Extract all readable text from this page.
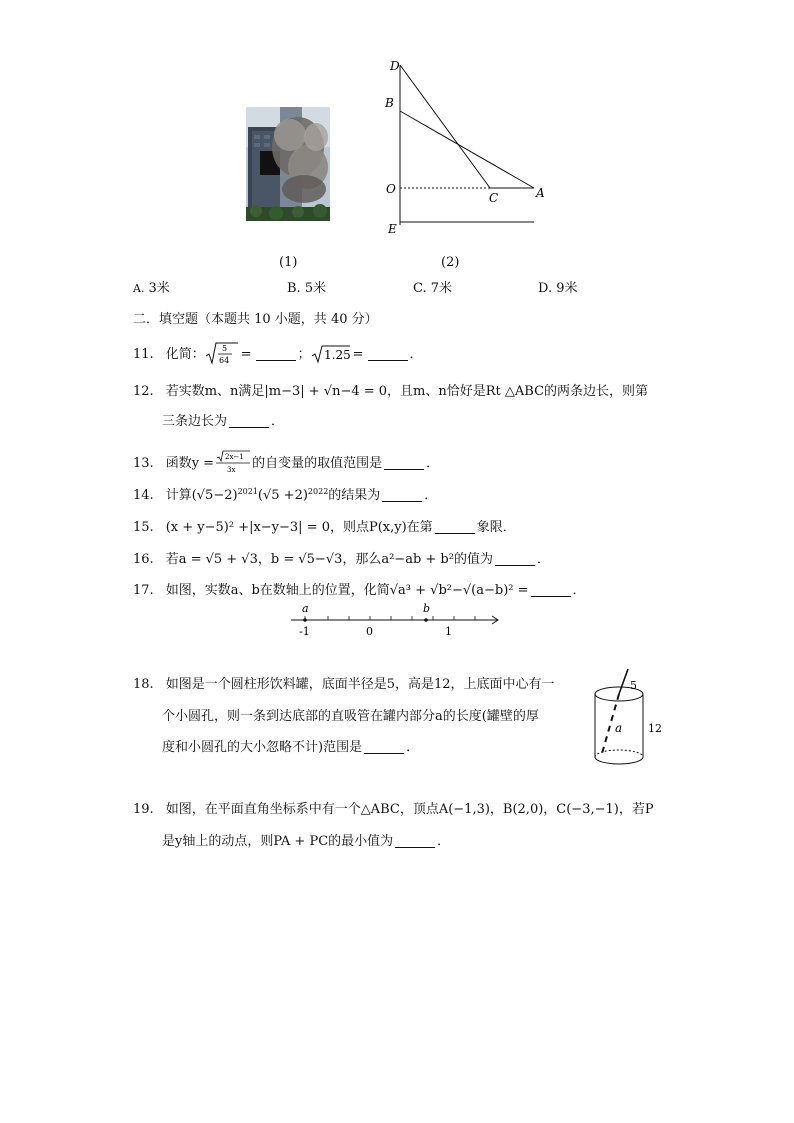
(1)
D
B
O
C	A
E
(2)
A. 3米	B. 5米	C. 7米	D. 9米
二．填空题（本题共 10 小题，共 40 分）
11. 化简： 5
64 =	； 1.25 =	．
12. 若实数m、n满足|m−3| + √n−4 = 0，且m、n恰好是Rt △ABC的两条边长，则第
三条边长为	．
13. 函数y = 2x−1
3x 的自变量的取值范围是	．
14. 计算$(√5-2)^{2021}$ $(√5 +2)^{2022}$ 的结果为	．
15. (x + y−5)² +|x−y−3| = 0，则点P(x,y)在第	象限．
16. 若a = √5 + √3，b = √5−√3，那么a²−ab + b²的值为	．
17. 如图，实数a、b在数轴上的位置，化简√a³ + √b²−√(a−b)² =	．
a	b
-1	0	1
18. 如图是一个圆柱形饮料罐，底面半径是5，高是12，上底面中心有一
个小圆孔，则一条到达底部的直吸管在罐内部分a的长度(罐壁的厚
度和小圆孔的大小忽略不计)范围是	．
5
12
a
19. 如图，在平面直角坐标系中有一个△ABC，顶点A(−1,3)，B(2,0)，C(−3,−1)，若P
是y轴上的动点，则PA + PC的最小值为	．
